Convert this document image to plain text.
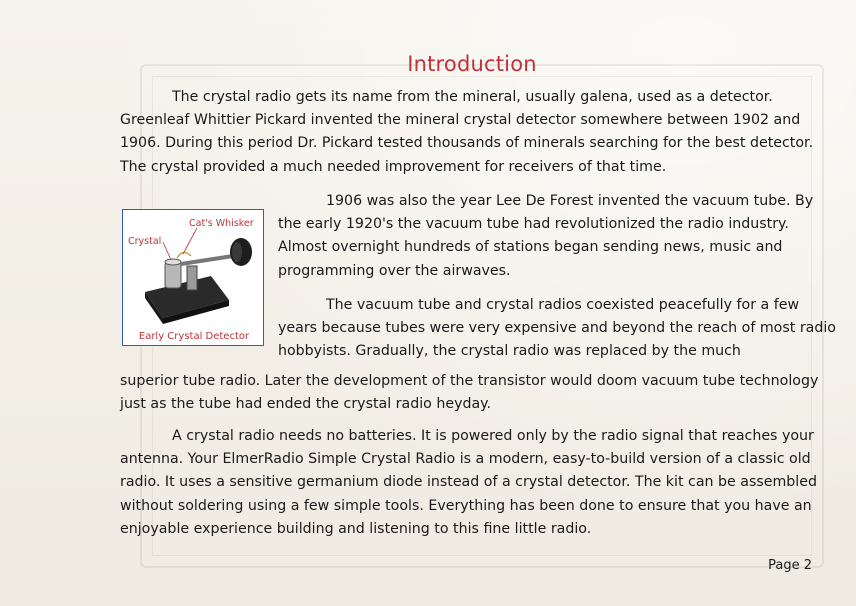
Introduction

The crystal radio gets its name from the mineral, usually galena, used as a detector. Greenleaf Whittier Pickard invented the mineral crystal detector somewhere between 1902 and 1906. During this period Dr. Pickard tested thousands of minerals searching for the best detector. The crystal provided a much needed improvement for receivers of that time.

Cat's Whisker
Crystal
Early Crystal Detector

1906 was also the year Lee De Forest invented the vacuum tube. By the early 1920's the vacuum tube had revolutionized the radio industry. Almost overnight hundreds of stations began sending news, music and programming over the airwaves.

The vacuum tube and crystal radios coexisted peacefully for a few years because tubes were very expensive and beyond the reach of most radio hobbyists. Gradually, the crystal radio was replaced by the much

superior tube radio. Later the development of the transistor would doom vacuum tube technology just as the tube had ended the crystal radio heyday.

A crystal radio needs no batteries. It is powered only by the radio signal that reaches your antenna. Your ElmerRadio Simple Crystal Radio is a modern, easy-to-build version of a classic old radio. It uses a sensitive germanium diode instead of a crystal detector. The kit can be assembled without soldering using a few simple tools. Everything has been done to ensure that you have an enjoyable experience building and listening to this fine little radio.

Page 2
